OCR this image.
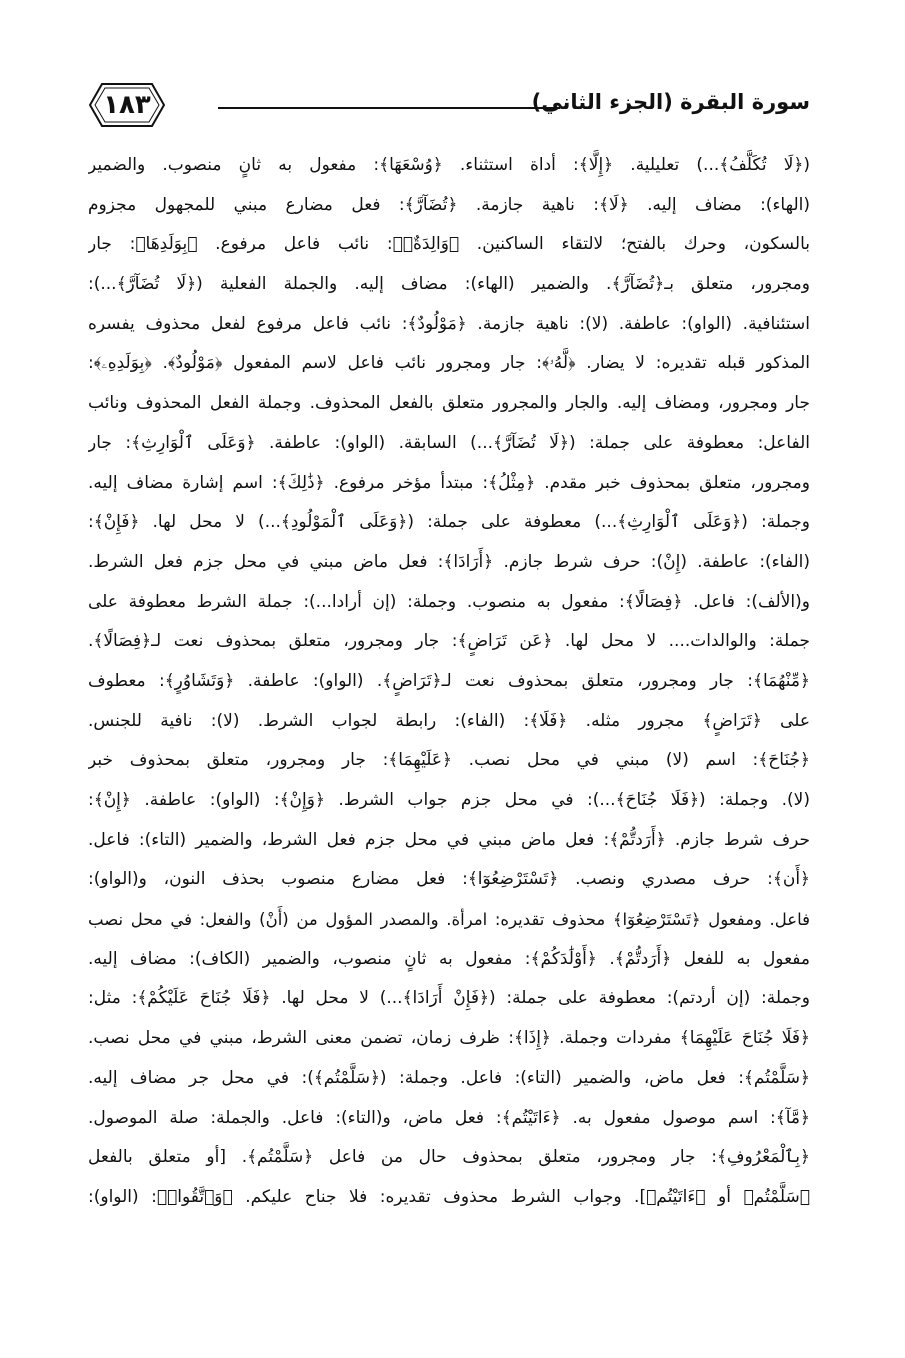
سورة البقرة (الجزء الثاني)
١٨٣
(﴿لَا تُكَلَّفُ﴾...) تعليلية. ﴿إِلَّا﴾: أداة استثناء. ﴿وُسْعَهَا﴾: مفعول به ثانٍ منصوب. والضمير
(الهاء): مضاف إليه. ﴿لَا﴾: ناهية جازمة. ﴿تُضَآرَّ﴾: فعل مضارع مبني للمجهول مجزوم
بالسكون، وحرك بالفتح؛ لالتقاء الساكنين. ﴿وَالِدَةٌۢ﴾: نائب فاعل مرفوع. ﴿بِوَلَدِهَا﴾: جار
ومجرور، متعلق بـ﴿تُضَآرَّ﴾. والضمير (الهاء): مضاف إليه. والجملة الفعلية (﴿لَا تُضَآرَّ﴾...):
استئنافية. (الواو): عاطفة. (لا): ناهية جازمة. ﴿مَوْلُودٌ﴾: نائب فاعل مرفوع لفعل محذوف يفسره
المذكور قبله تقديره: لا يضار. ﴿لَّهُۥ﴾: جار ومجرور نائب فاعل لاسم المفعول ﴿مَوْلُودٌ﴾. ﴿بِوَلَدِهِۦ﴾:
جار ومجرور، ومضاف إليه. والجار والمجرور متعلق بالفعل المحذوف. وجملة الفعل المحذوف ونائب
الفاعل: معطوفة على جملة: (﴿لَا تُضَآرَّ﴾...) السابقة. (الواو): عاطفة. ﴿وَعَلَى ٱلْوَارِثِ﴾: جار
ومجرور، متعلق بمحذوف خبر مقدم. ﴿مِثْلُ﴾: مبتدأ مؤخر مرفوع. ﴿ذَٰلِكَ﴾: اسم إشارة مضاف إليه.
وجملة: (﴿وَعَلَى ٱلْوَارِثِ﴾...) معطوفة على جملة: (﴿وَعَلَى ٱلْمَوْلُودِ﴾...) لا محل لها. ﴿فَإِنْ﴾:
(الفاء): عاطفة. (إِنْ): حرف شرط جازم. ﴿أَرَادَا﴾: فعل ماض مبني في محل جزم فعل الشرط.
و(الألف): فاعل. ﴿فِصَالًا﴾: مفعول به منصوب. وجملة: (إن أرادا...): جملة الشرط معطوفة على
جملة: والوالدات.... لا محل لها. ﴿عَن تَرَاضٍ﴾: جار ومجرور، متعلق بمحذوف نعت لـ﴿فِصَالًا﴾.
﴿مِّنْهُمَا﴾: جار ومجرور، متعلق بمحذوف نعت لـ﴿تَرَاضٍ﴾. (الواو): عاطفة. ﴿وَتَشَاوُرٍ﴾: معطوف
على ﴿تَرَاضٍ﴾ مجرور مثله. ﴿فَلَا﴾: (الفاء): رابطة لجواب الشرط. (لا): نافية للجنس.
﴿جُنَاحَ﴾: اسم (لا) مبني في محل نصب. ﴿عَلَيْهِمَا﴾: جار ومجرور، متعلق بمحذوف خبر
(لا). وجملة: (﴿فَلَا جُنَاحَ﴾...): في محل جزم جواب الشرط. ﴿وَإِنْ﴾: (الواو): عاطفة. ﴿إِنْ﴾:
حرف شرط جازم. ﴿أَرَدتُّمْ﴾: فعل ماض مبني في محل جزم فعل الشرط، والضمير (التاء): فاعل.
﴿أَن﴾: حرف مصدري ونصب. ﴿تَسْتَرْضِعُوٓا﴾: فعل مضارع منصوب بحذف النون، و(الواو):
فاعل. ومفعول ﴿تَسْتَرْضِعُوٓا﴾ محذوف تقديره: امرأة. والمصدر المؤول من (أَنْ) والفعل: في محل نصب
مفعول به للفعل ﴿أَرَدتُّمْ﴾. ﴿أَوْلَٰدَكُمْ﴾: مفعول به ثانٍ منصوب، والضمير (الكاف): مضاف إليه.
وجملة: (إن أردتم): معطوفة على جملة: (﴿فَإِنْ أَرَادَا﴾...) لا محل لها. ﴿فَلَا جُنَاحَ عَلَيْكُمْ﴾: مثل:
﴿فَلَا جُنَاحَ عَلَيْهِمَا﴾ مفردات وجملة. ﴿إِذَا﴾: ظرف زمان، تضمن معنى الشرط، مبني في محل نصب.
﴿سَلَّمْتُم﴾: فعل ماض، والضمير (التاء): فاعل. وجملة: (﴿سَلَّمْتُم﴾): في محل جر مضاف إليه.
﴿مَّآ﴾: اسم موصول مفعول به. ﴿ءَاتَيْتُم﴾: فعل ماض، و(التاء): فاعل. والجملة: صلة الموصول.
﴿بِٱلْمَعْرُوفِ﴾: جار ومجرور، متعلق بمحذوف حال من فاعل ﴿سَلَّمْتُم﴾. [أو متعلق بالفعل
﴿سَلَّمْتُم﴾ أو ﴿ءَاتَيْتُم﴾]. وجواب الشرط محذوف تقديره: فلا جناح عليكم. ﴿وَٱتَّقُوا۟﴾: (الواو):
